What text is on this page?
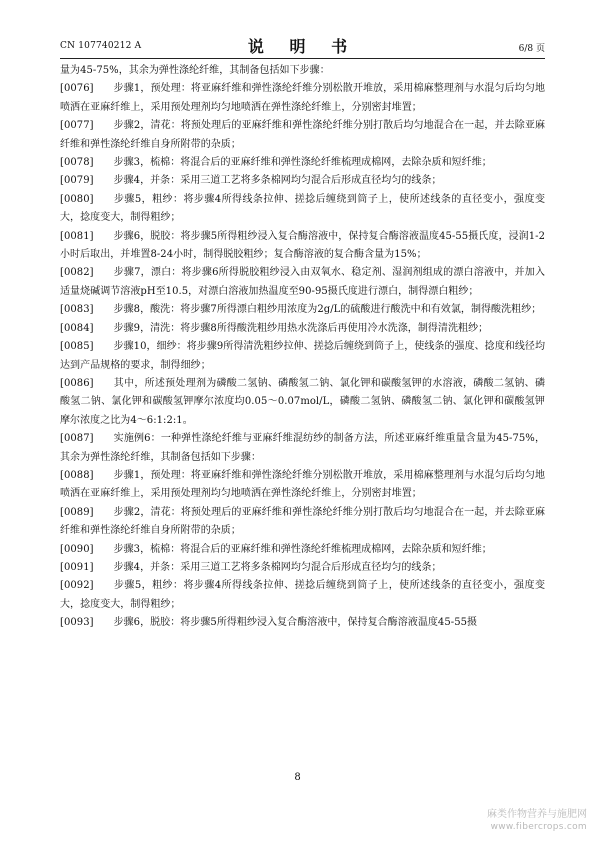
CN 107740212 A	说 明 书	6/8 页

量为45-75%，其余为弹性涤纶纤维，其制备包括如下步骤：

[0076] 步骤1，预处理：将亚麻纤维和弹性涤纶纤维分别松散开堆放，采用棉麻整理剂与水混匀后均匀地喷洒在亚麻纤维上，采用预处理剂均匀地喷洒在弹性涤纶纤维上，分别密封堆置；

[0077] 步骤2，清花：将预处理后的亚麻纤维和弹性涤纶纤维分别打散后均匀地混合在一起，并去除亚麻纤维和弹性涤纶纤维自身所附带的杂质；

[0078] 步骤3，梳棉：将混合后的亚麻纤维和弹性涤纶纤维梳理成棉网，去除杂质和短纤维；

[0079] 步骤4，并条：采用三道工艺将多条棉网均匀混合后形成直径均匀的线条；

[0080] 步骤5，粗纱：将步骤4所得线条拉伸、搓捻后缠绕到筒子上，使所述线条的直径变小，强度变大，捻度变大，制得粗纱；

[0081] 步骤6，脱胶：将步骤5所得粗纱浸入复合酶溶液中，保持复合酶溶液温度45-55摄氏度，浸润1-2小时后取出，并堆置8-24小时，制得脱胶粗纱；复合酶溶液的复合酶含量为15%；

[0082] 步骤7，漂白：将步骤6所得脱胶粗纱浸入由双氧水、稳定剂、湿润剂组成的漂白溶液中，并加入适量烧碱调节溶液pH至10.5，对漂白溶液加热温度至90-95摄氏度进行漂白，制得漂白粗纱；

[0083] 步骤8，酸洗：将步骤7所得漂白粗纱用浓度为2g/L的硫酸进行酸洗中和有效氯，制得酸洗粗纱；

[0084] 步骤9，清洗：将步骤8所得酸洗粗纱用热水洗涤后再使用冷水洗涤，制得清洗粗纱；

[0085] 步骤10，细纱：将步骤9所得清洗粗纱拉伸、搓捻后缠绕到筒子上，使线条的强度、捻度和线径均达到产品规格的要求，制得细纱；

[0086] 其中，所述预处理剂为磷酸二氢钠、磷酸氢二钠、氯化钾和碳酸氢钾的水溶液，磷酸二氢钠、磷酸氢二钠、氯化钾和碳酸氢钾摩尔浓度均0.05～0.07mol/L，磷酸二氢钠、磷酸氢二钠、氯化钾和碳酸氢钾摩尔浓度之比为4～6:1:2:1。

[0087] 实施例6：一种弹性涤纶纤维与亚麻纤维混纺纱的制备方法，所述亚麻纤维重量含量为45-75%，其余为弹性涤纶纤维，其制备包括如下步骤：

[0088] 步骤1，预处理：将亚麻纤维和弹性涤纶纤维分别松散开堆放，采用棉麻整理剂与水混匀后均匀地喷洒在亚麻纤维上，采用预处理剂均匀地喷洒在弹性涤纶纤维上，分别密封堆置；

[0089] 步骤2，清花：将预处理后的亚麻纤维和弹性涤纶纤维分别打散后均匀地混合在一起，并去除亚麻纤维和弹性涤纶纤维自身所附带的杂质；

[0090] 步骤3，梳棉：将混合后的亚麻纤维和弹性涤纶纤维梳理成棉网，去除杂质和短纤维；

[0091] 步骤4，并条：采用三道工艺将多条棉网均匀混合后形成直径均匀的线条；

[0092] 步骤5，粗纱：将步骤4所得线条拉伸、搓捻后缠绕到筒子上，使所述线条的直径变小，强度变大，捻度变大，制得粗纱；

[0093] 步骤6，脱胶：将步骤5所得粗纱浸入复合酶溶液中，保持复合酶溶液温度45-55摄

8
麻类作物营养与施肥网
www.fibercrops.com
